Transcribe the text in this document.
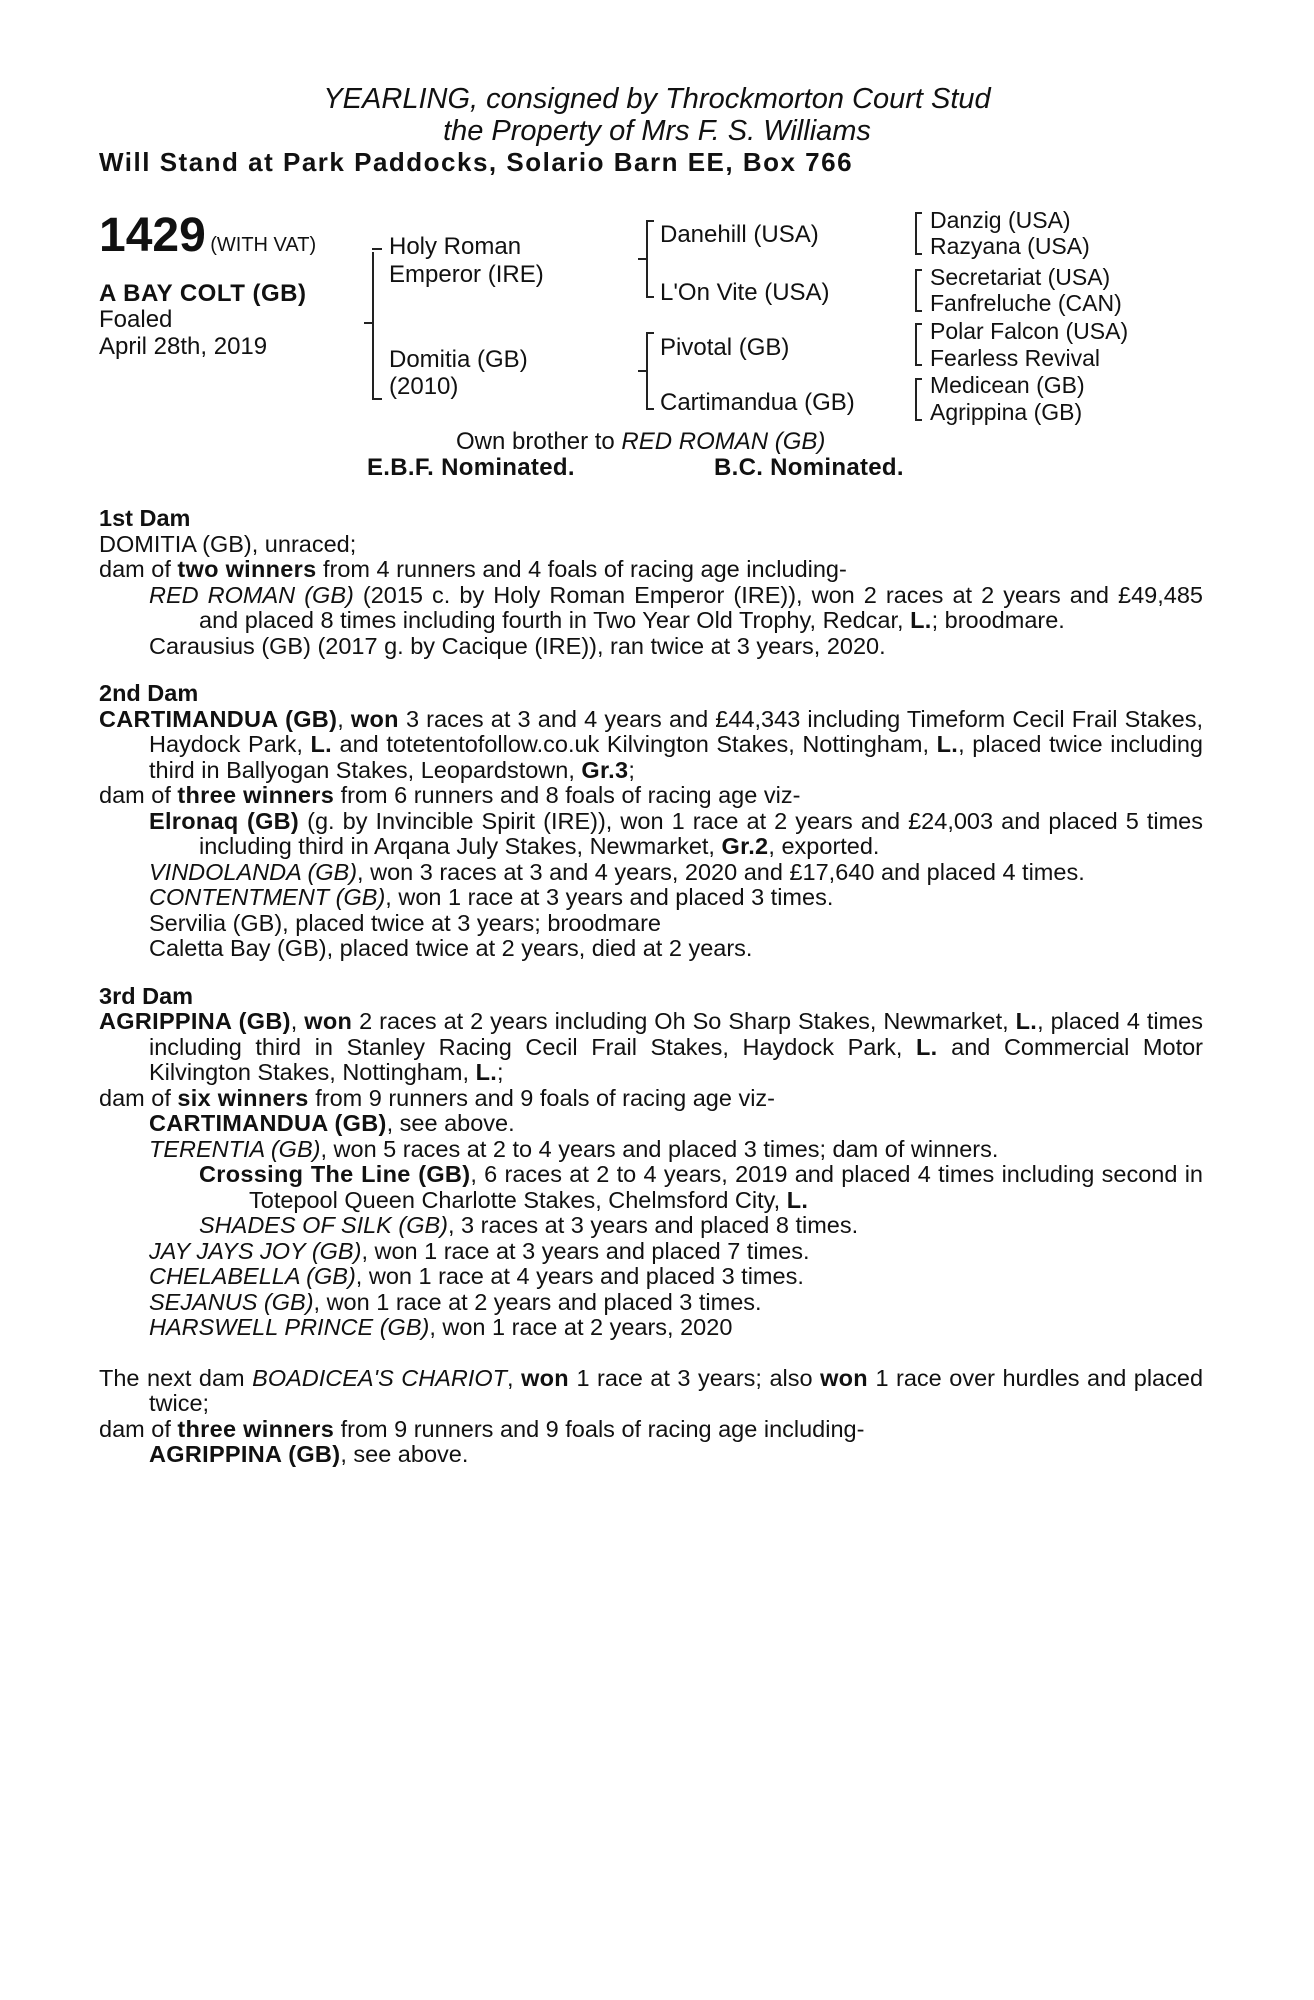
YEARLING, consigned by Throckmorton Court Stud
the Property of Mrs F. S. Williams
Will Stand at Park Paddocks, Solario Barn EE, Box 766
1429 (WITH VAT)
A BAY COLT (GB)
Foaled
April 28th, 2019
Holy Roman
Emperor (IRE)
Domitia (GB)
(2010)
Danehill (USA)
L'On Vite (USA)
Pivotal (GB)
Cartimandua (GB)
Danzig (USA)
Razyana (USA)
Secretariat (USA)
Fanfreluche (CAN)
Polar Falcon (USA)
Fearless Revival
Medicean (GB)
Agrippina (GB)
Own brother to RED ROMAN (GB)
E.B.F. Nominated.	B.C. Nominated.
1st Dam

DOMITIA (GB), unraced;

dam of two winners from 4 runners and 4 foals of racing age including-

RED ROMAN (GB) (2015 c. by Holy Roman Emperor (IRE)), won 2 races at 2 years and £49,485 and placed 8 times including fourth in Two Year Old Trophy, Redcar, L.; broodmare.

Carausius (GB) (2017 g. by Cacique (IRE)), ran twice at 3 years, 2020.

2nd Dam

CARTIMANDUA (GB), won 3 races at 3 and 4 years and £44,343 including Timeform Cecil Frail Stakes, Haydock Park, L. and totetentofollow.co.uk Kilvington Stakes, Nottingham, L., placed twice including third in Ballyogan Stakes, Leopardstown, Gr.3;

dam of three winners from 6 runners and 8 foals of racing age viz-

Elronaq (GB) (g. by Invincible Spirit (IRE)), won 1 race at 2 years and £24,003 and placed 5 times including third in Arqana July Stakes, Newmarket, Gr.2, exported.

VINDOLANDA (GB), won 3 races at 3 and 4 years, 2020 and £17,640 and placed 4 times.

CONTENTMENT (GB), won 1 race at 3 years and placed 3 times.

Servilia (GB), placed twice at 3 years; broodmare

Caletta Bay (GB), placed twice at 2 years, died at 2 years.

3rd Dam

AGRIPPINA (GB), won 2 races at 2 years including Oh So Sharp Stakes, Newmarket, L., placed 4 times including third in Stanley Racing Cecil Frail Stakes, Haydock Park, L. and Commercial Motor Kilvington Stakes, Nottingham, L.;

dam of six winners from 9 runners and 9 foals of racing age viz-

CARTIMANDUA (GB), see above.

TERENTIA (GB), won 5 races at 2 to 4 years and placed 3 times; dam of winners.

Crossing The Line (GB), 6 races at 2 to 4 years, 2019 and placed 4 times including second in Totepool Queen Charlotte Stakes, Chelmsford City, L.

SHADES OF SILK (GB), 3 races at 3 years and placed 8 times.

JAY JAYS JOY (GB), won 1 race at 3 years and placed 7 times.

CHELABELLA (GB), won 1 race at 4 years and placed 3 times.

SEJANUS (GB), won 1 race at 2 years and placed 3 times.

HARSWELL PRINCE (GB), won 1 race at 2 years, 2020

The next dam BOADICEA'S CHARIOT, won 1 race at 3 years; also won 1 race over hurdles and placed twice;

dam of three winners from 9 runners and 9 foals of racing age including-

AGRIPPINA (GB), see above.
